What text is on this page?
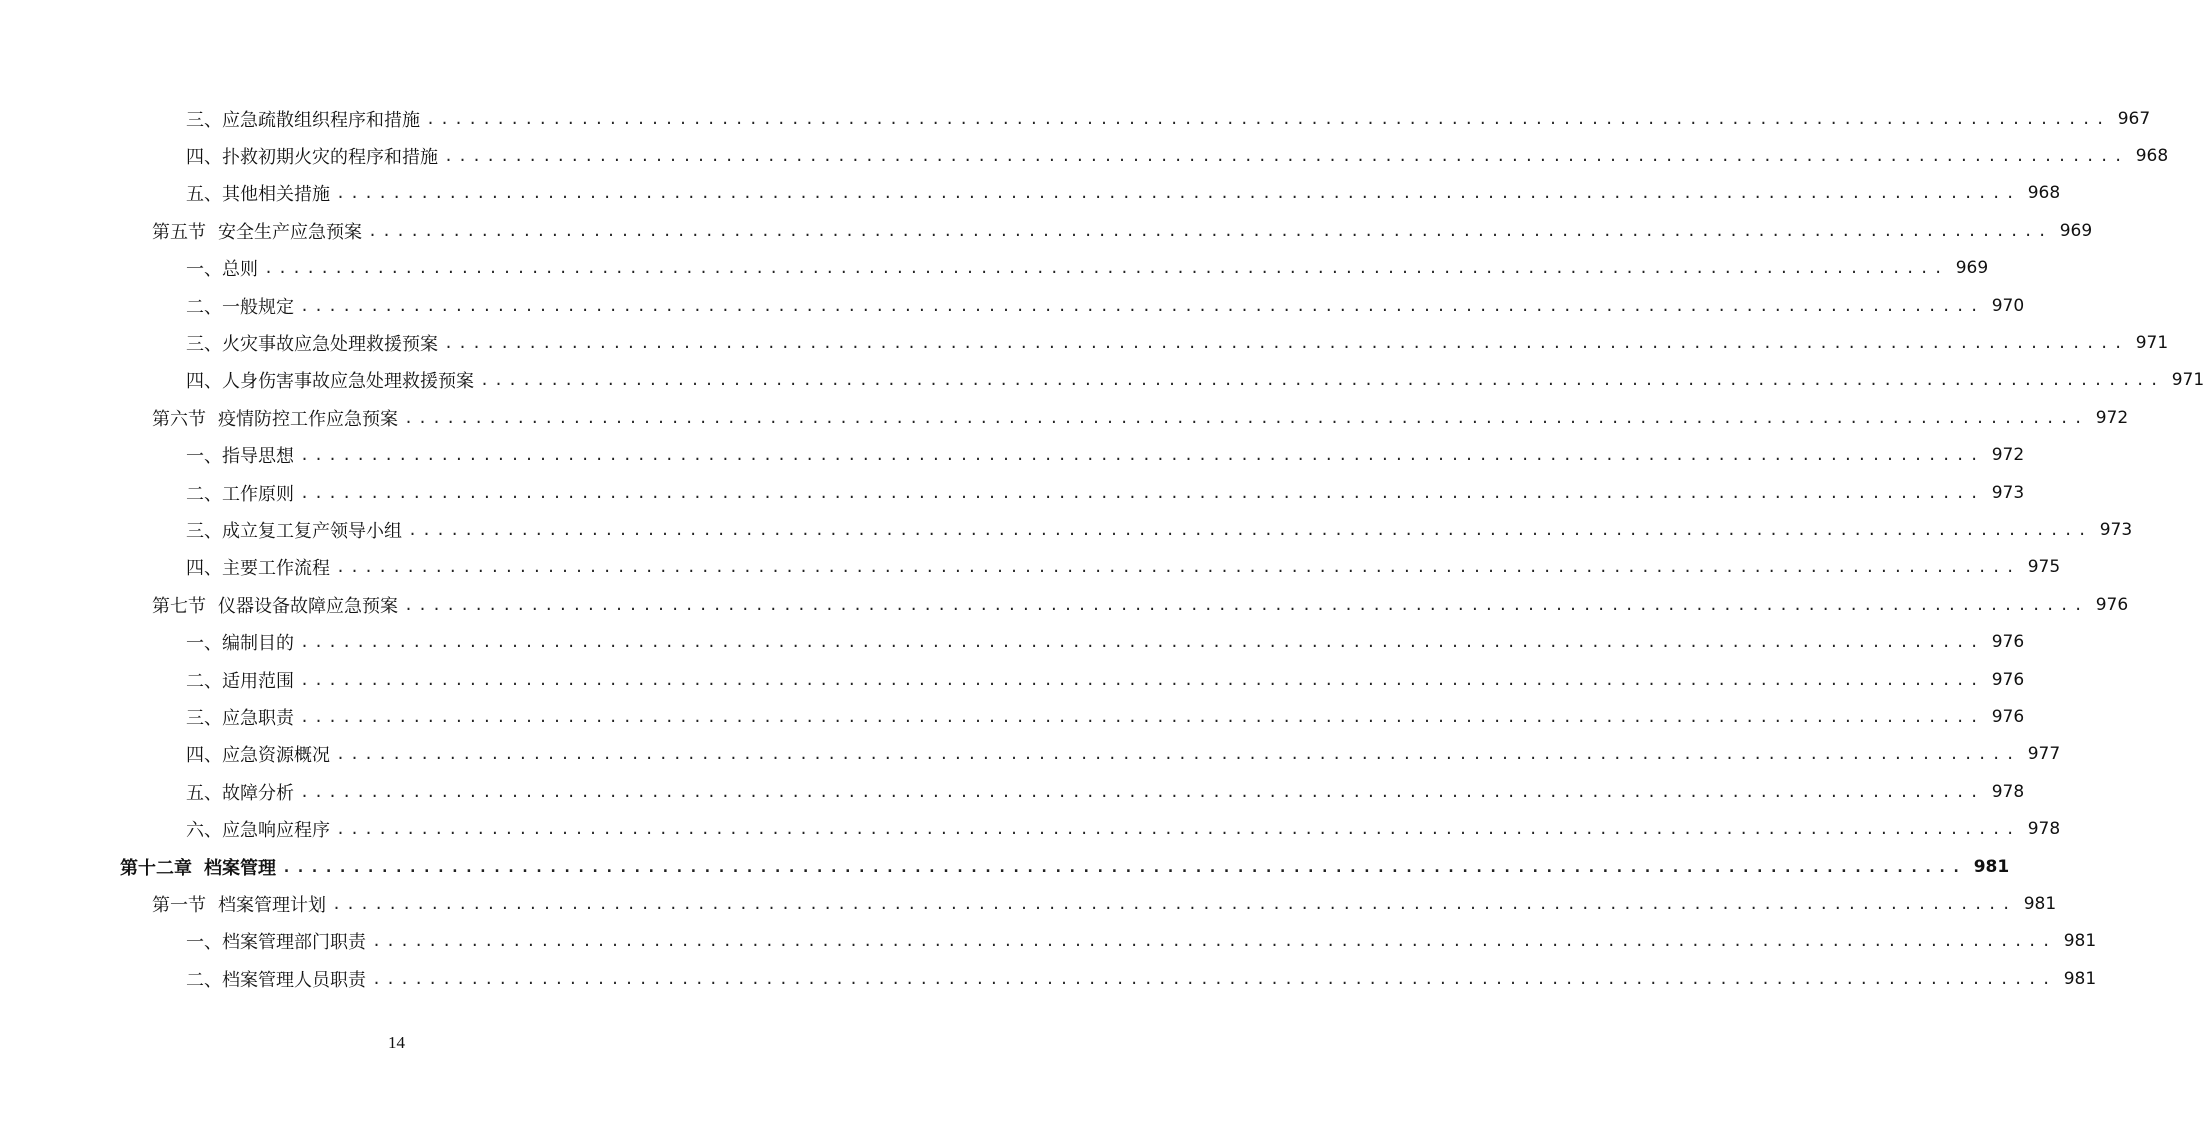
三、 应急疏散组织程序和措施 ........................................................................................................................ 967
四、 扑救初期火灾的程序和措施 ........................................................................................................................ 968
五、 其他相关措施 ........................................................................................................................ 968
第五节 安全生产应急预案 ........................................................................................................................ 969
一、 总则 ........................................................................................................................ 969
二、 一般规定 ........................................................................................................................ 970
三、 火灾事故应急处理救援预案 ........................................................................................................................ 971
四、 人身伤害事故应急处理救援预案 ........................................................................................................................ 971
第六节 疫情防控工作应急预案 ........................................................................................................................ 972
一、 指导思想 ........................................................................................................................ 972
二、 工作原则 ........................................................................................................................ 973
三、 成立复工复产领导小组 ........................................................................................................................ 973
四、 主要工作流程 ........................................................................................................................ 975
第七节 仪器设备故障应急预案 ........................................................................................................................ 976
一、 编制目的 ........................................................................................................................ 976
二、 适用范围 ........................................................................................................................ 976
三、 应急职责 ........................................................................................................................ 976
四、 应急资源概况 ........................................................................................................................ 977
五、 故障分析 ........................................................................................................................ 978
六、 应急响应程序 ........................................................................................................................ 978
第十二章 档案管理 ........................................................................................................................ 981
第一节 档案管理计划 ........................................................................................................................ 981
一、 档案管理部门职责 ........................................................................................................................ 981
二、 档案管理人员职责 ........................................................................................................................ 981
14
